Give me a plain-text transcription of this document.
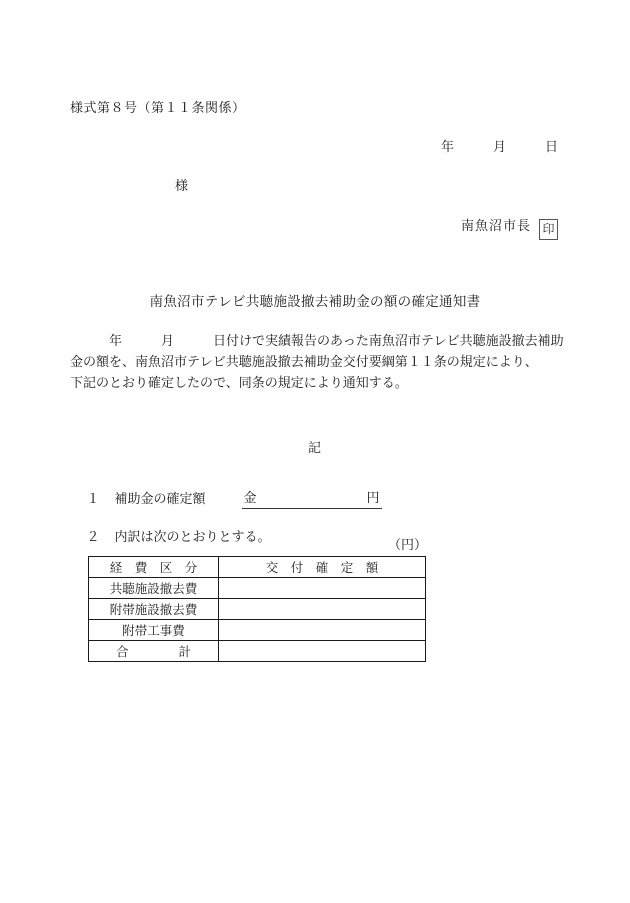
様式第８号（第１１条関係）
年　　　月　　　日
様
南魚沼市長 印
南魚沼市テレビ共聴施設撤去補助金の額の確定通知書
　　　年　　　月　　　日付けで実績報告のあった南魚沼市テレビ共聴施設撤去補助
金の額を、南魚沼市テレビ共聴施設撤去補助金交付要綱第１１条の規定により、
下記のとおり確定したので、同条の規定により通知する。
記

１ 補助金の確定額	金	円

２ 内訳は次のとおりとする。

（円）
経　費　区　分	交　付　確　定　額
共聴施設撤去費	
附帯施設撤去費	
附帯工事費	
合　　　　計	
